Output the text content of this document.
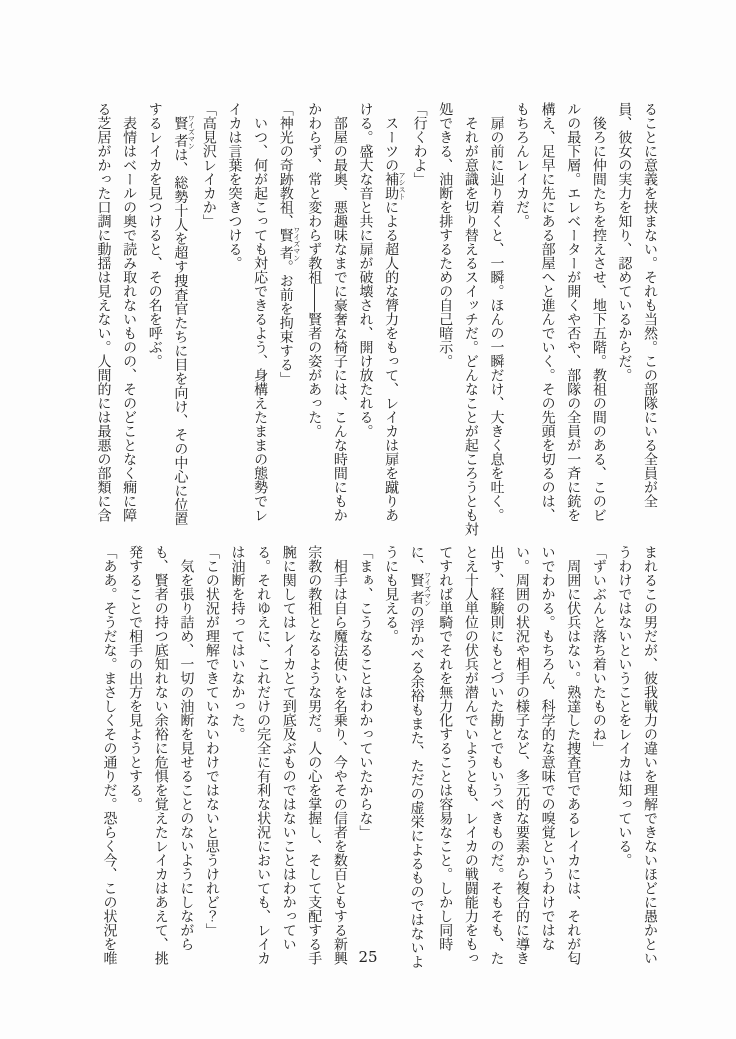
ることに意義を挟まない。それも当然。この部隊にいる全員が全

員、彼女の実力を知り、認めているからだ。

　後ろに仲間たちを控えさせ、地下五階。教祖の間のある、このビ

ルの最下層。エレベーターが開くや否や、部隊の全員が一斉に銃を

構え、足早に先にある部屋へと進んでいく。その先頭を切るのは、

もちろんレイカだ。

　扉の前に辿り着くと、一瞬。ほんの一瞬だけ、大きく息を吐く。

　それが意識を切り替えるスイッチだ。どんなことが起ころうとも対

処できる、油断を排するための自己暗示。

「行くわよ」

　スーツの補助 アシストによる超人的な膂力をもって、レイカは扉を蹴りあ

ける。盛大な音と共に扉が破壊され、開け放たれる。

　部屋の最奥、悪趣味なまでに豪奢な椅子には、こんな時間にもか

かわらず、常と変わらず教祖――賢者の姿があった。

「神光の奇跡教祖、賢者 ワイズマン。お前を拘束する」

　いつ、何が起こっても対応できるよう、身構えたままの態勢でレ

イカは言葉を突きつける。

「高見沢レイカか」

　賢者 ワイズマンは、総勢十人を超す捜査官たちに目を向け、その中心に位置

するレイカを見つけると、その名を呼ぶ。

　表情はベールの奥で読み取れないものの、そのどことなく癇に障

る芝居がかった口調に動揺は見えない。人間的には最悪の部類に含

まれるこの男だが、彼我戦力の違いを理解できないほどに愚かとい

うわけではないということをレイカは知っている。

「ずいぶんと落ち着いたものね」

　周囲に伏兵はない。熟達した捜査官であるレイカには、それが匂

いでわかる。もちろん、科学的な意味での嗅覚というわけではな

い。周囲の状況や相手の様子など、多元的な要素から複合的に導き

出す、経験則にもとづいた勘とでもいうべきものだ。そもそも、た

とえ十人単位の伏兵が潜んでいようとも、レイカの戦闘能力をもっ

てすれば単騎でそれを無力化することは容易なこと。しかし同時

に、賢者 ワイズマンの浮かべる余裕もまた、ただの虚栄によるものではないよ

うにも見える。

「まぁ、こうなることはわかっていたからな」

　相手は自ら魔法使いを名乗り、今やその信者を数百ともする新興

宗教の教祖となるような男だ。人の心を掌握し、そして支配する手

腕に関してはレイカとて到底及ぶものではないことはわかってい

る。それゆえに、これだけの完全に有利な状況においても、レイカ

は油断を持ってはいなかった。

「この状況が理解できていないわけではないと思うけれど？」

　気を張り詰め、一切の油断を見せることのないようにしながら

も、賢者の持つ底知れない余裕に危惧を覚えたレイカはあえて、挑

発することで相手の出方を見ようとする。

「ああ。そうだな。まさしくその通りだ。恐らく今、この状況を唯	25
